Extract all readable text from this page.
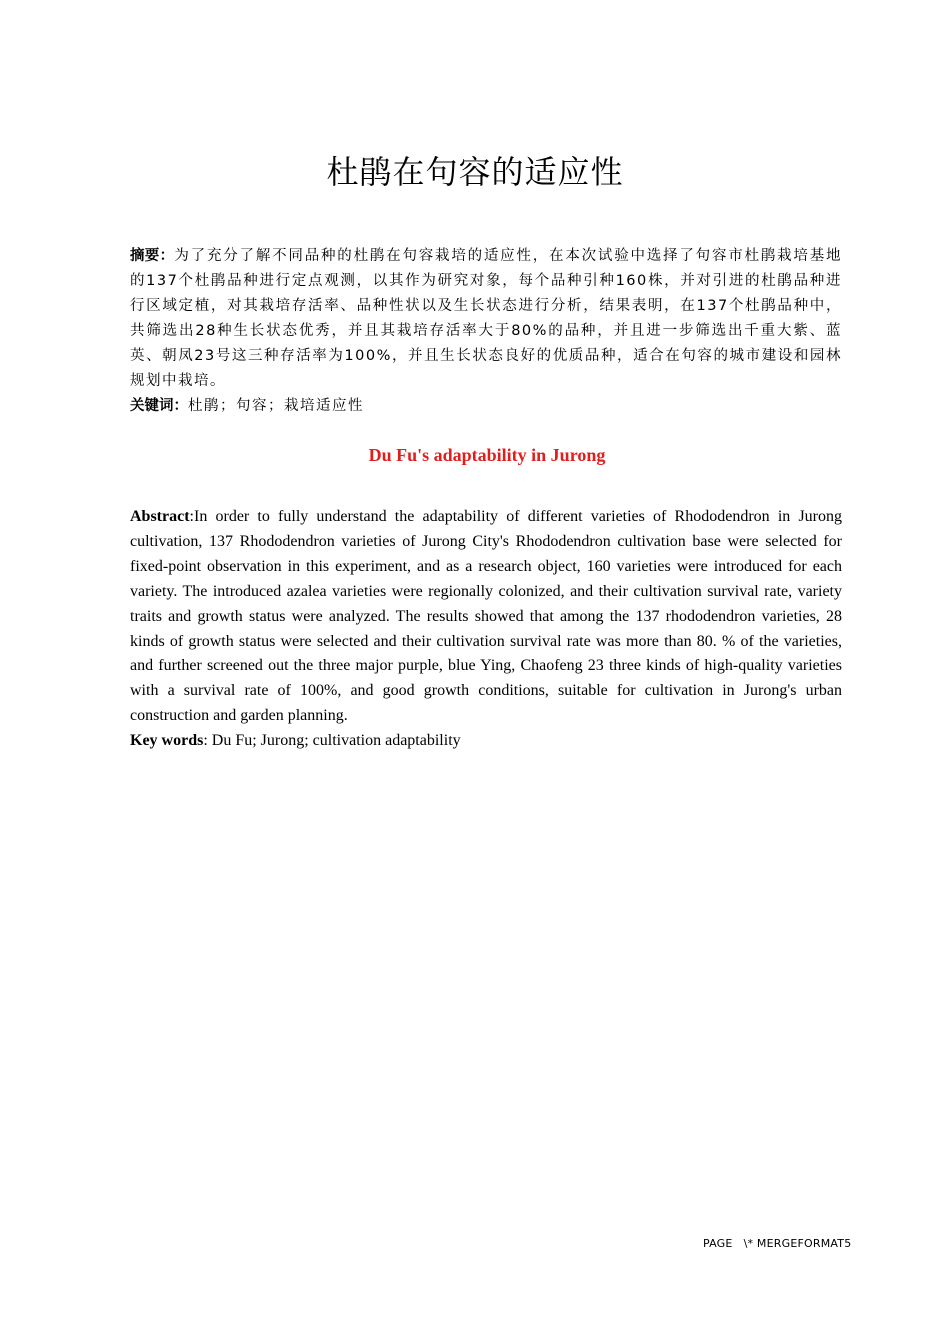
杜鹃在句容的适应性

摘要：为了充分了解不同品种的杜鹃在句容栽培的适应性，在本次试验中选择了句容市杜鹃栽培基地的137个杜鹃品种进行定点观测，以其作为研究对象，每个品种引种160株，并对引进的杜鹃品种进行区域定植，对其栽培存活率、品种性状以及生长状态进行分析，结果表明，在137个杜鹃品种中，共筛选出28种生长状态优秀，并且其栽培存活率大于80%的品种，并且进一步筛选出千重大紫、蓝英、朝凤23号这三种存活率为100%，并且生长状态良好的优质品种，适合在句容的城市建设和园林规划中栽培。

关键词：杜鹃；句容；栽培适应性

Du Fu's adaptability in Jurong

Abstract:In order to fully understand the adaptability of different varieties of Rhododendron in Jurong cultivation, 137 Rhododendron varieties of Jurong City's Rhododendron cultivation base were selected for fixed-point observation in this experiment, and as a research object, 160 varieties were introduced for each variety. The introduced azalea varieties were regionally colonized, and their cultivation survival rate, variety traits and growth status were analyzed. The results showed that among the 137 rhododendron varieties, 28 kinds of growth status were selected and their cultivation survival rate was more than 80. % of the varieties, and further screened out the three major purple, blue Ying, Chaofeng 23 three kinds of high-quality varieties with a survival rate of 100%, and good growth conditions, suitable for cultivation in Jurong's urban construction and garden planning.

Key words: Du Fu; Jurong; cultivation adaptability

PAGE   \* MERGEFORMAT5
